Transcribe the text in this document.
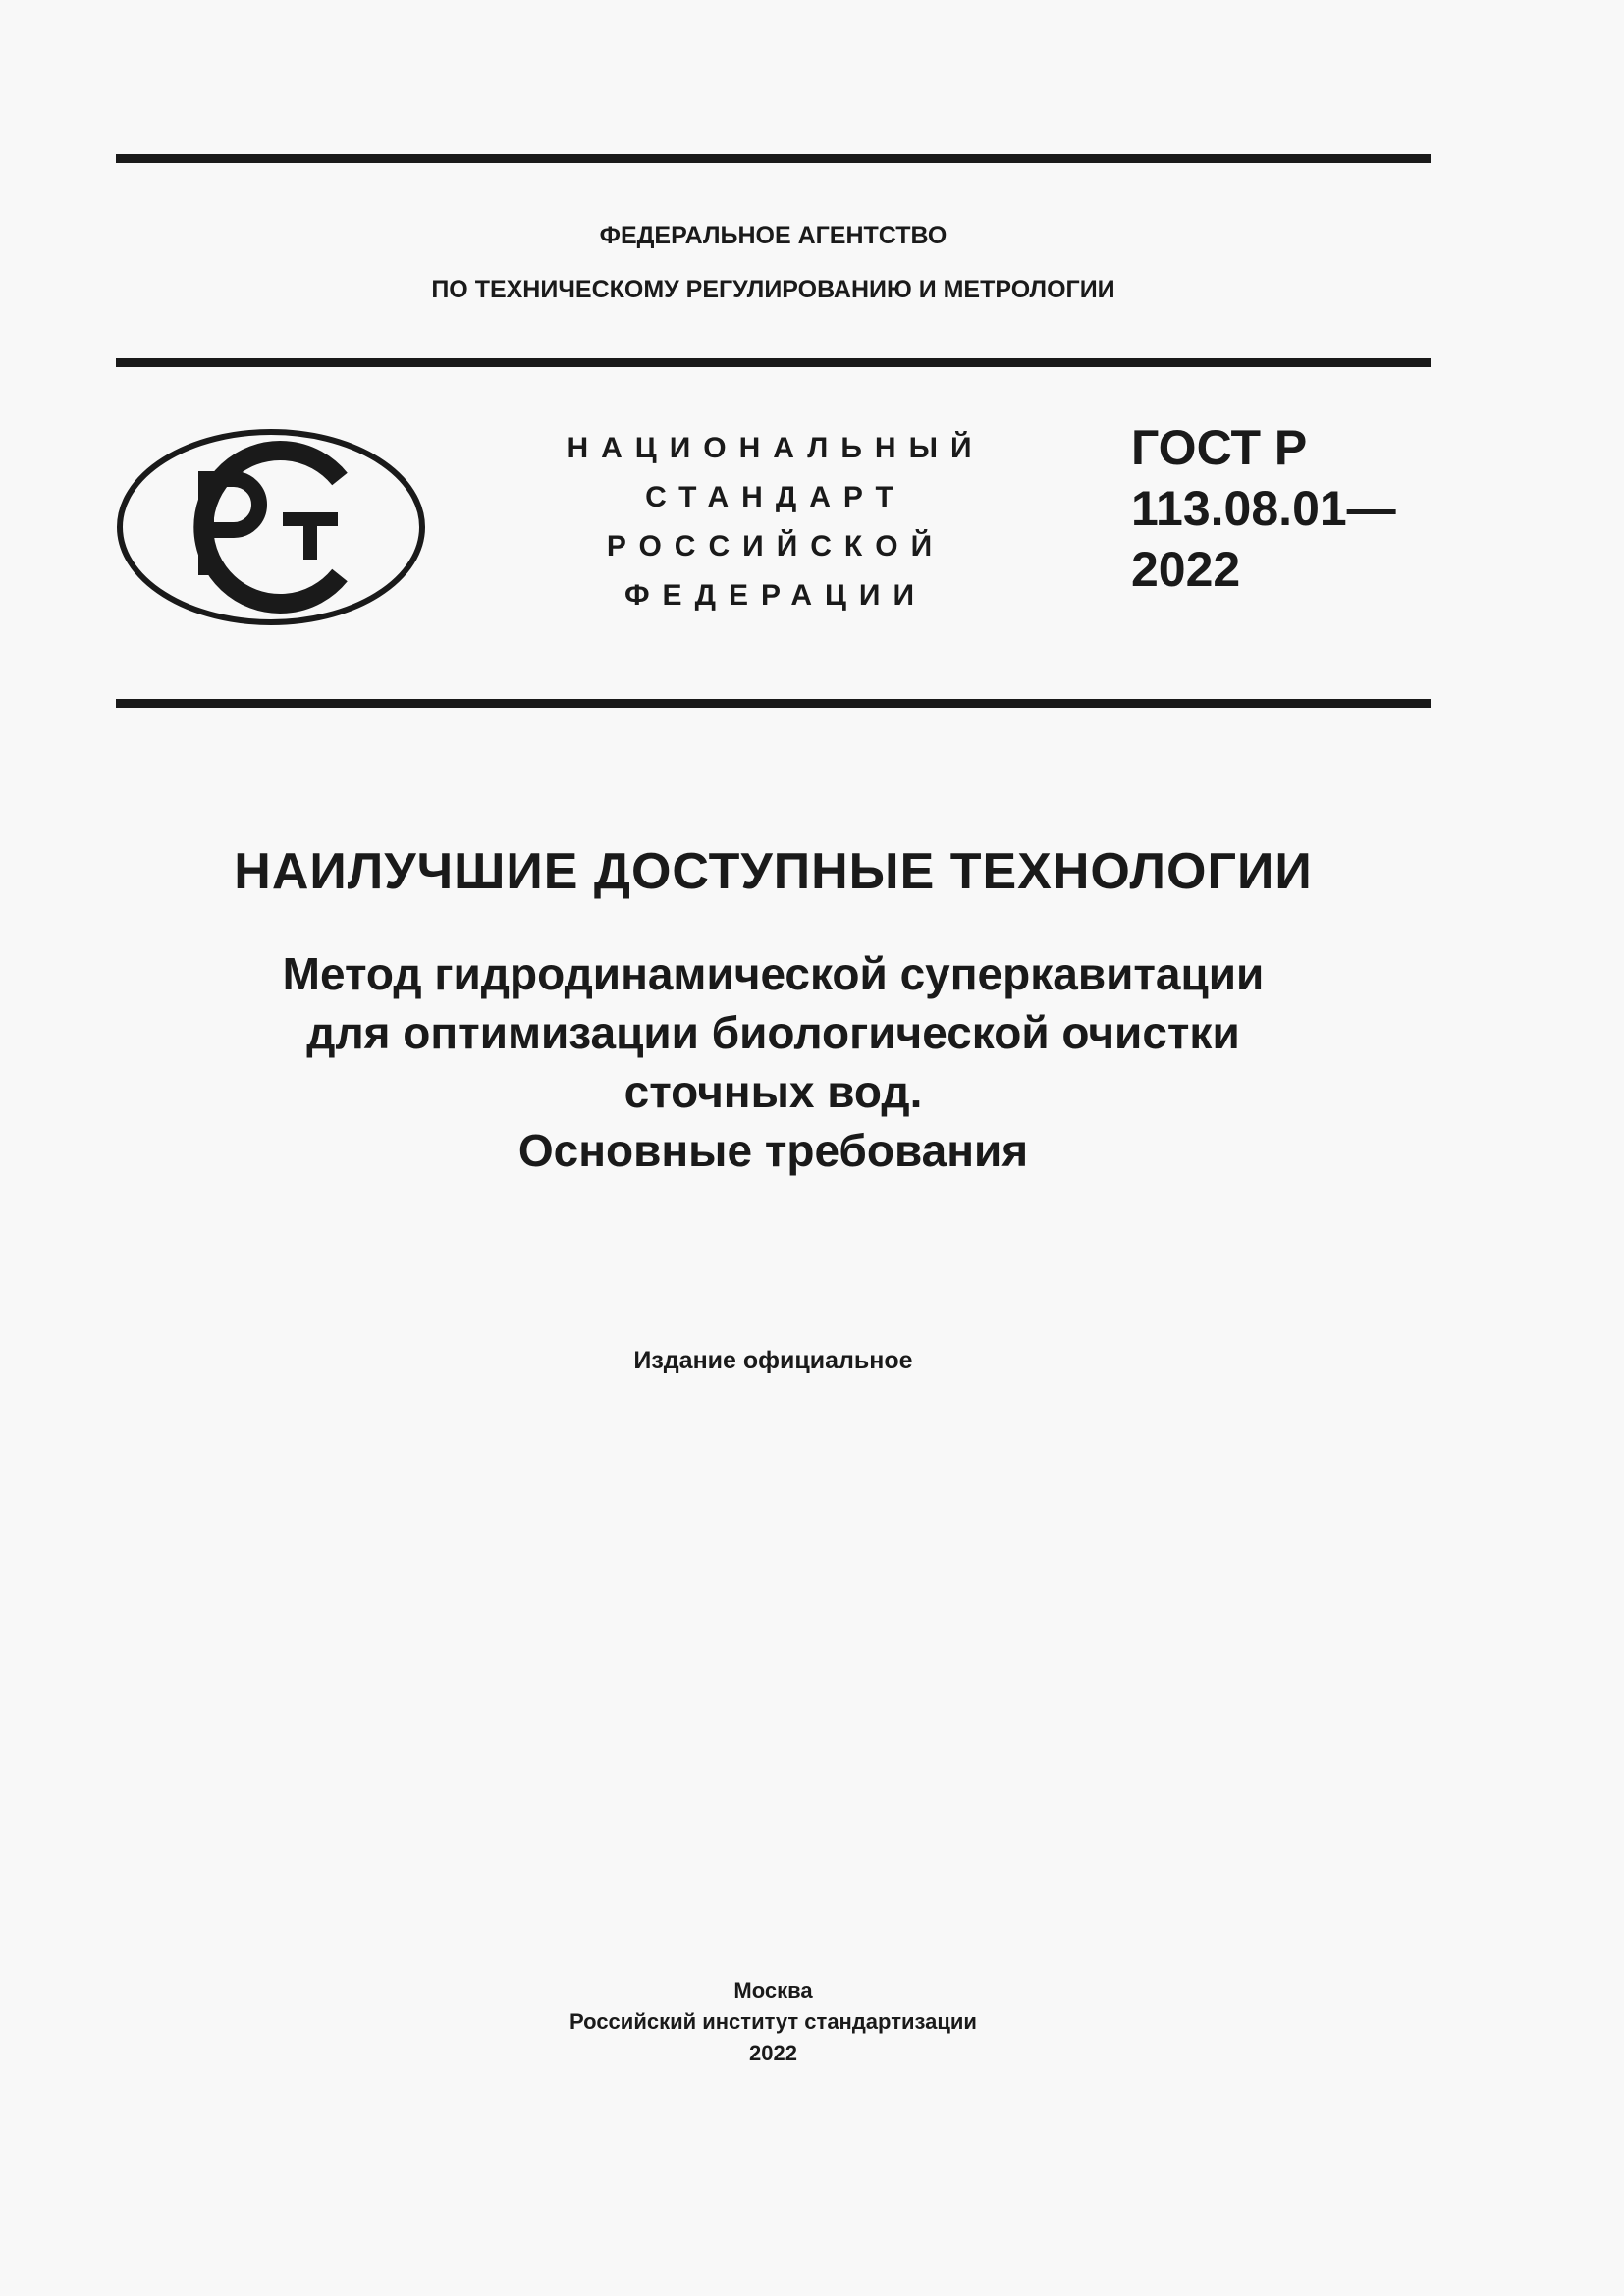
ФЕДЕРАЛЬНОЕ АГЕНТСТВО
ПО ТЕХНИЧЕСКОМУ РЕГУЛИРОВАНИЮ И МЕТРОЛОГИИ
НАЦИОНАЛЬНЫЙ
СТАНДАРТ
РОССИЙСКОЙ
ФЕДЕРАЦИИ
ГОСТ Р
113.08.01—
2022
НАИЛУЧШИЕ ДОСТУПНЫЕ ТЕХНОЛОГИИ
Метод гидродинамической суперкавитации
для оптимизации биологической очистки
сточных вод.
Основные требования
Издание официальное
Москва
Российский институт стандартизации
2022
